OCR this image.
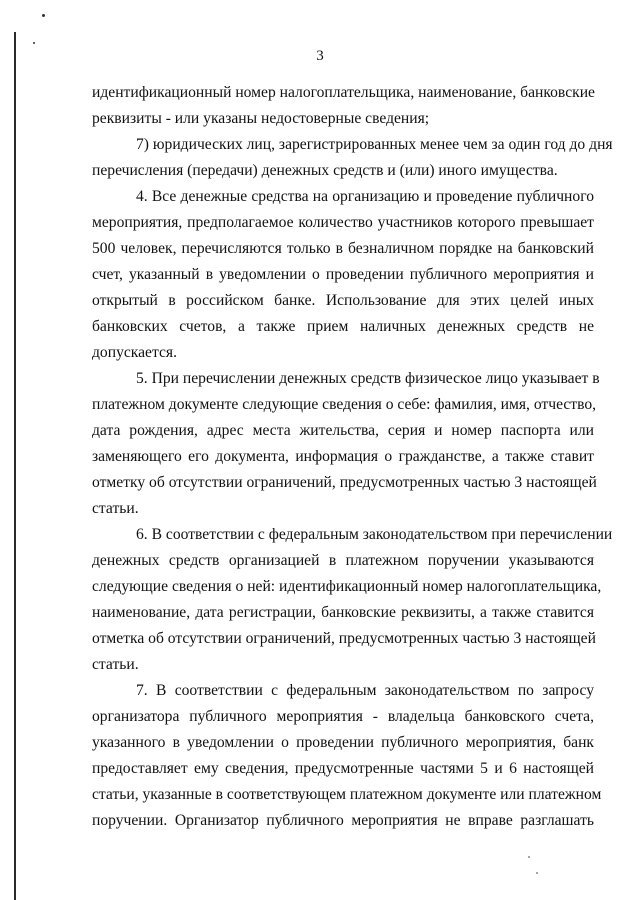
3
идентификационный номер налогоплательщика, наименование, банковские
реквизиты - или указаны недостоверные сведения;
7) юридических лиц, зарегистрированных менее чем за один год до дня
перечисления (передачи) денежных средств и (или) иного имущества.
4. Все денежные средства на организацию и проведение публичного
мероприятия, предполагаемое количество участников которого превышает
500 человек, перечисляются только в безналичном порядке на банковский
счет, указанный в уведомлении о проведении публичного мероприятия и
открытый в российском банке. Использование для этих целей иных
банковских счетов, а также прием наличных денежных средств не
допускается.
5. При перечислении денежных средств физическое лицо указывает в
платежном документе следующие сведения о себе: фамилия, имя, отчество,
дата рождения, адрес места жительства, серия и номер паспорта или
заменяющего его документа, информация о гражданстве, а также ставит
отметку об отсутствии ограничений, предусмотренных частью 3 настоящей
статьи.
6. В соответствии с федеральным законодательством при перечислении
денежных средств организацией в платежном поручении указываются
следующие сведения о ней: идентификационный номер налогоплательщика,
наименование, дата регистрации, банковские реквизиты, а также ставится
отметка об отсутствии ограничений, предусмотренных частью 3 настоящей
статьи.
7. В соответствии с федеральным законодательством по запросу
организатора публичного мероприятия - владельца банковского счета,
указанного в уведомлении о проведении публичного мероприятия, банк
предоставляет ему сведения, предусмотренные частями 5 и 6 настоящей
статьи, указанные в соответствующем платежном документе или платежном
поручении. Организатор публичного мероприятия не вправе разглашать
